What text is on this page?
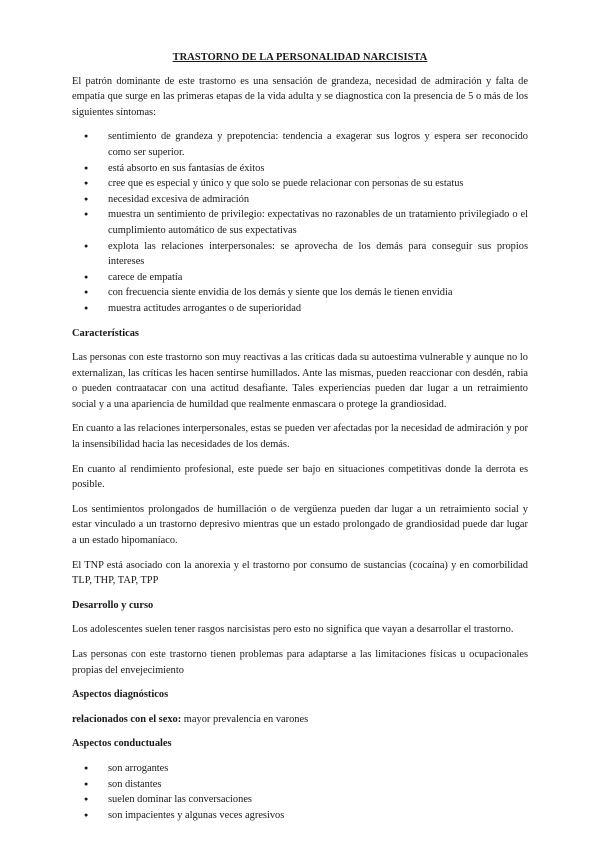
TRASTORNO DE LA PERSONALIDAD NARCISISTA

El patrón dominante de este trastorno es una sensación de grandeza, necesidad de admiración y falta de empatía que surge en las primeras etapas de la vida adulta y se diagnostica con la presencia de 5 o más de los siguientes síntomas:

● sentimiento de grandeza y prepotencia: tendencia a exagerar sus logros y espera ser reconocido como ser superior.
● está absorto en sus fantasías de éxitos
● cree que es especial y único y que solo se puede relacionar con personas de su estatus
● necesidad excesiva de admiración
● muestra un sentimiento de privilegio: expectativas no razonables de un tratamiento privilegiado o el cumplimiento automático de sus expectativas
● explota las relaciones interpersonales: se aprovecha de los demás para conseguir sus propios intereses
● carece de empatía
● con frecuencia siente envidia de los demás y siente que los demás le tienen envidia
● muestra actitudes arrogantes o de superioridad
Características

Las personas con este trastorno son muy reactivas a las críticas dada su autoestima vulnerable y aunque no lo externalizan, las críticas les hacen sentirse humillados. Ante las mismas, pueden reaccionar con desdén, rabia o pueden contraatacar con una actitud desafiante. Tales experiencias pueden dar lugar a un retraimiento social y a una apariencia de humildad que realmente enmascara o protege la grandiosidad.

En cuanto a las relaciones interpersonales, estas se pueden ver afectadas por la necesidad de admiración y por la insensibilidad hacia las necesidades de los demás.

En cuanto al rendimiento profesional, este puede ser bajo en situaciones competitivas donde la derrota es posible.

Los sentimientos prolongados de humillación o de vergüenza pueden dar lugar a un retraimiento social y estar vinculado a un trastorno depresivo mientras que un estado prolongado de grandiosidad puede dar lugar a un estado hipomaníaco.

El TNP está asociado con la anorexia y el trastorno por consumo de sustancias (cocaína) y en comorbilidad TLP, THP, TAP, TPP

Desarrollo y curso

Los adolescentes suelen tener rasgos narcisistas pero esto no significa que vayan a desarrollar el trastorno.

Las personas con este trastorno tienen problemas para adaptarse a las limitaciones físicas u ocupacionales propias del envejecimiento

Aspectos diagnósticos

relacionados con el sexo: mayor prevalencia en varones

Aspectos conductuales
● son arrogantes
● son distantes
● suelen dominar las conversaciones
● son impacientes y algunas veces agresivos
